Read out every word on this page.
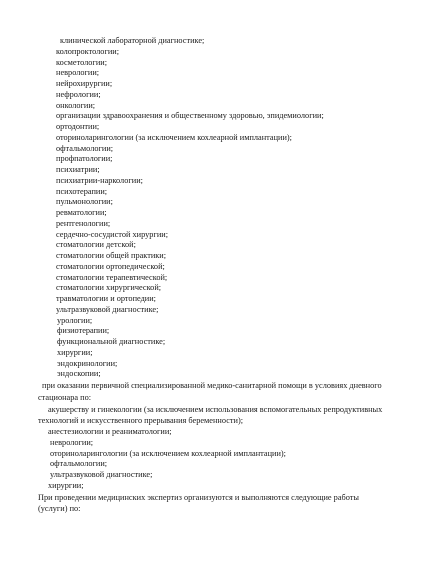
клинической лабораторной диагностике;
колопроктологии;
косметологии;
неврологии;
нейрохирургии;
нефрологии;
онкологии;
организации здравоохранения и общественному здоровью, эпидемиологии;
ортодонтии;
оториноларингологии (за исключением кохлеарной имплантации);
офтальмологии;
профпатологии;
психиатрии;
психиатрии-наркологии;
психотерапии;
пульмонологии;
ревматологии;
рентгенологии;
сердечно-сосудистой хирургии;
стоматологии детской;
стоматологии общей практики;
стоматологии ортопедической;
стоматологии терапевтической;
стоматологии хирургической;
травматологии и ортопедии;
ультразвуковой диагностике;
урологии;
физиотерапии;
функциональной диагностике;
хирургии;
эндокринологии;
эндоскопии;
при оказании первичной специализированной медико-санитарной помощи в условиях дневного
стационара по:
акушерству и гинекологии (за исключением использования вспомогательных репродуктивных
технологий и искусственного прерывания беременности);
анестезиологии и реаниматологии;
неврологии;
оториноларингологии (за исключением кохлеарной имплантации);
офтальмологии;
ультразвуковой диагностике;
хирургии;
При проведении медицинских экспертиз организуются и выполняются следующие работы
(услуги) по:
